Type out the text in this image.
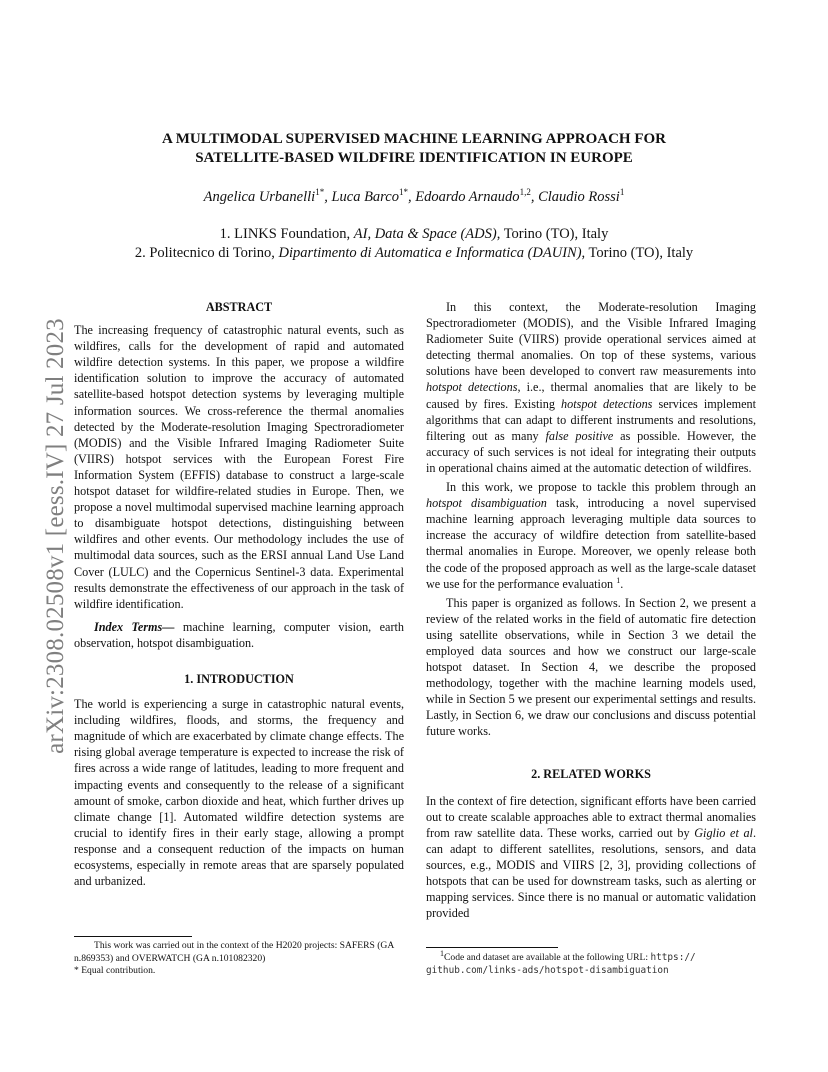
arXiv:2308.02508v1 [eess.IV] 27 Jul 2023
A MULTIMODAL SUPERVISED MACHINE LEARNING APPROACH FOR
SATELLITE-BASED WILDFIRE IDENTIFICATION IN EUROPE
Angelica Urbanelli$^{1*}$, Luca Barco$^{1*}$, Edoardo Arnaudo$^{1,2}$, Claudio Rossi$^1$
1. LINKS Foundation, AI, Data & Space (ADS), Torino (TO), Italy
2. Politecnico di Torino, Dipartimento di Automatica e Informatica (DAUIN), Torino (TO), Italy
ABSTRACT

The increasing frequency of catastrophic natural events, such as wildfires, calls for the development of rapid and automated wildfire detection systems. In this paper, we propose a wildfire identification solution to improve the accuracy of automated satellite-based hotspot detection systems by leveraging multiple information sources. We cross-reference the thermal anomalies detected by the Moderate-resolution Imaging Spectroradiometer (MODIS) and the Visible Infrared Imaging Radiometer Suite (VIIRS) hotspot services with the European Forest Fire Information System (EFFIS) database to construct a large-scale hotspot dataset for wildfire-related studies in Europe. Then, we propose a novel multimodal supervised machine learning approach to disambiguate hotspot detections, distinguishing between wildfires and other events. Our methodology includes the use of multimodal data sources, such as the ERSI annual Land Use Land Cover (LULC) and the Copernicus Sentinel-3 data. Experimental results demonstrate the effectiveness of our approach in the task of wildfire identification.

Index Terms— machine learning, computer vision, earth observation, hotspot disambiguation.

1. INTRODUCTION

The world is experiencing a surge in catastrophic natural events, including wildfires, floods, and storms, the frequency and magnitude of which are exacerbated by climate change effects. The rising global average temperature is expected to increase the risk of fires across a wide range of latitudes, leading to more frequent and impacting events and consequently to the release of a significant amount of smoke, carbon dioxide and heat, which further drives up climate change [1]. Automated wildfire detection systems are crucial to identify fires in their early stage, allowing a prompt response and a consequent reduction of the impacts on human ecosystems, especially in remote areas that are sparsely populated and urbanized.

This work was carried out in the context of the H2020 projects: SAFERS (GA n.869353) and OVERWATCH (GA n.101082320)
* Equal contribution.

In this context, the Moderate-resolution Imaging Spectroradiometer (MODIS), and the Visible Infrared Imaging Radiometer Suite (VIIRS) provide operational services aimed at detecting thermal anomalies. On top of these systems, various solutions have been developed to convert raw measurements into hotspot detections, i.e., thermal anomalies that are likely to be caused by fires. Existing hotspot detections services implement algorithms that can adapt to different instruments and resolutions, filtering out as many false positive as possible. However, the accuracy of such services is not ideal for integrating their outputs in operational chains aimed at the automatic detection of wildfires.

In this work, we propose to tackle this problem through an hotspot disambiguation task, introducing a novel supervised machine learning approach leveraging multiple data sources to increase the accuracy of wildfire detection from satellite-based thermal anomalies in Europe. Moreover, we openly release both the code of the proposed approach as well as the large-scale dataset we use for the performance evaluation $^1$.

This paper is organized as follows. In Section 2, we present a review of the related works in the field of automatic fire detection using satellite observations, while in Section 3 we detail the employed data sources and how we construct our large-scale hotspot dataset. In Section 4, we describe the proposed methodology, together with the machine learning models used, while in Section 5 we present our experimental settings and results. Lastly, in Section 6, we draw our conclusions and discuss potential future works.

2. RELATED WORKS

In the context of fire detection, significant efforts have been carried out to create scalable approaches able to extract thermal anomalies from raw satellite data. These works, carried out by Giglio et al. can adapt to different satellites, resolutions, sensors, and data sources, e.g., MODIS and VIIRS [2, 3], providing collections of hotspots that can be used for downstream tasks, such as alerting or mapping services. Since there is no manual or automatic validation provided

$^1$Code and dataset are available at the following URL: https://
github.com/links-ads/hotspot-disambiguation
